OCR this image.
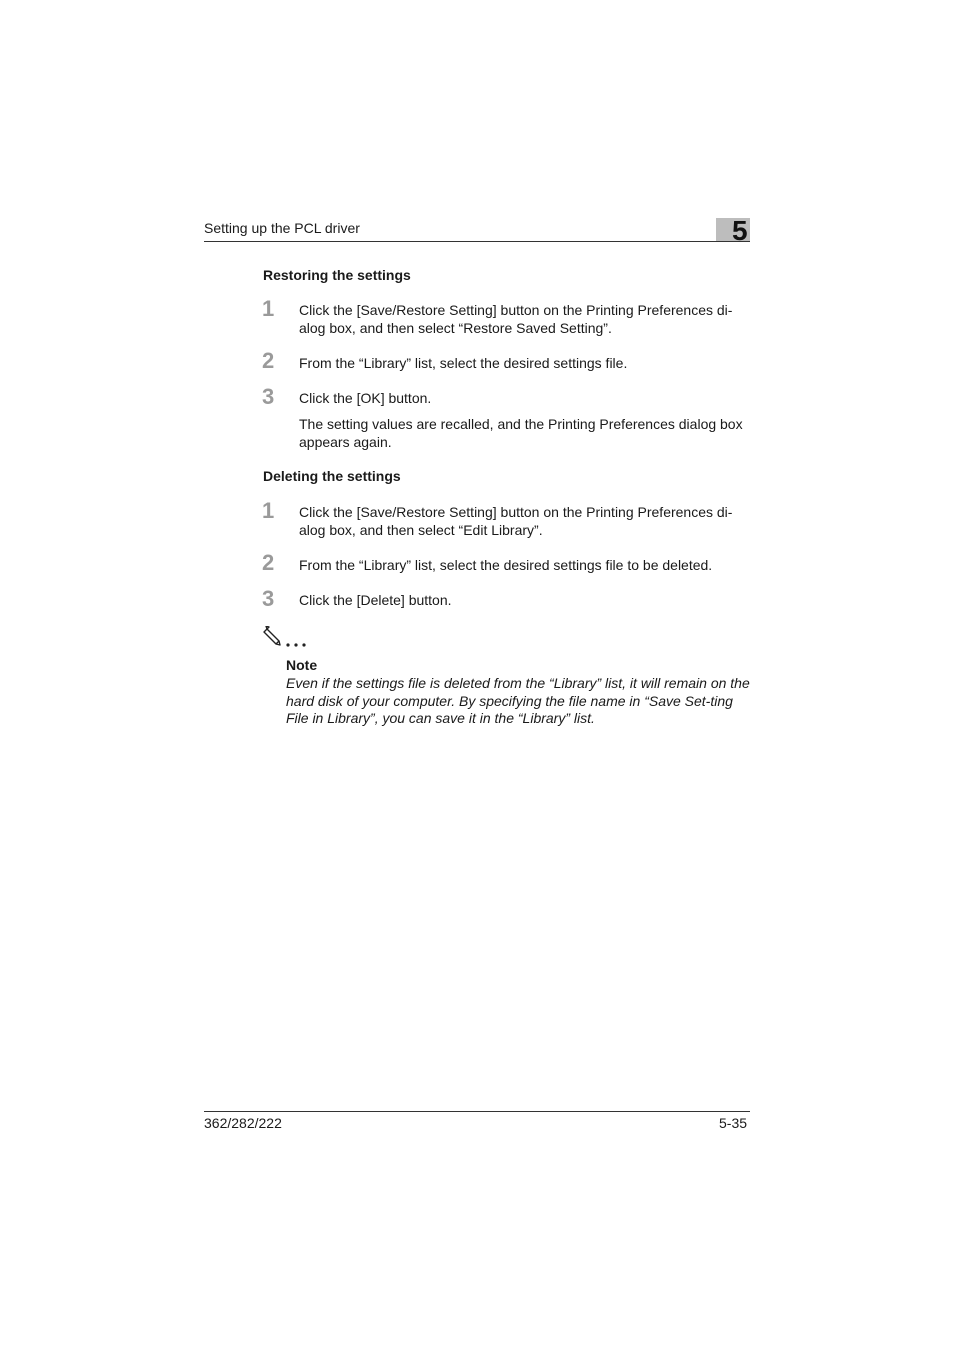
Setting up the PCL driver	5
Restoring the settings
1 Click the [Save/Restore Setting] button on the Printing Preferences di-alog box, and then select “Restore Saved Setting”.
2 From the “Library” list, select the desired settings file.
3 Click the [OK] button.
The setting values are recalled, and the Printing Preferences dialog box appears again.
Deleting the settings
1 Click the [Save/Restore Setting] button on the Printing Preferences di-alog box, and then select “Edit Library”.
2 From the “Library” list, select the desired settings file to be deleted.
3 Click the [Delete] button.
Note
Even if the settings file is deleted from the “Library” list, it will remain on the hard disk of your computer. By specifying the file name in “Save Set-ting File in Library”, you can save it in the “Library” list.
362/282/222	5-35
